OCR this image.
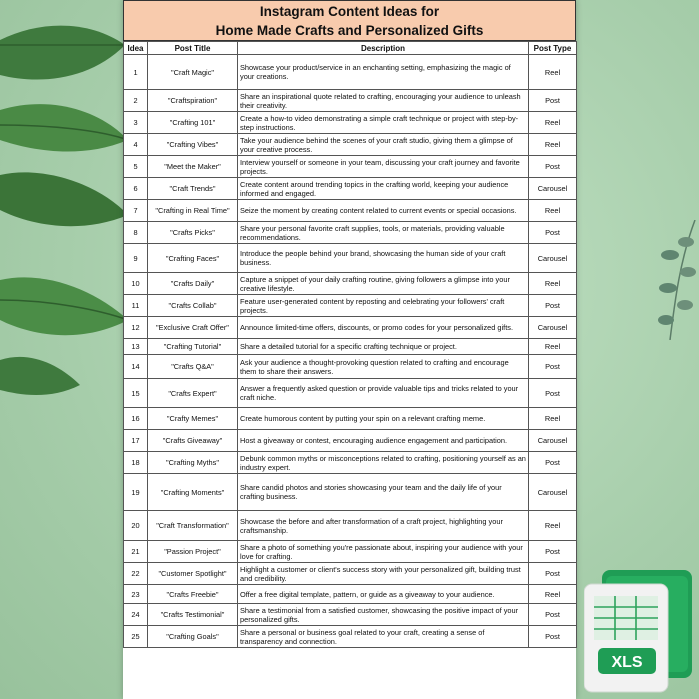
Instagram Content Ideas for
Home Made Crafts and Personalized Gifts
Idea	Post Title	Description	Post Type
1	"Craft Magic"	Showcase your product/service in an enchanting setting, emphasizing the magic of your creations.	Reel
2	"Craftspiration"	Share an inspirational quote related to crafting, encouraging your audience to unleash their creativity.	Post
3	"Crafting 101"	Create a how-to video demonstrating a simple craft technique or project with step-by-step instructions.	Reel
4	"Crafting Vibes"	Take your audience behind the scenes of your craft studio, giving them a glimpse of your creative process.	Reel
5	"Meet the Maker"	Interview yourself or someone in your team, discussing your craft journey and favorite projects.	Post
6	"Craft Trends"	Create content around trending topics in the crafting world, keeping your audience informed and engaged.	Carousel
7	"Crafting in Real Time"	Seize the moment by creating content related to current events or special occasions.	Reel
8	"Crafts Picks"	Share your personal favorite craft supplies, tools, or materials, providing valuable recommendations.	Post
9	"Crafting Faces"	Introduce the people behind your brand, showcasing the human side of your craft business.	Carousel
10	"Crafts Daily"	Capture a snippet of your daily crafting routine, giving followers a glimpse into your creative lifestyle.	Reel
11	"Crafts Collab"	Feature user-generated content by reposting and celebrating your followers' craft projects.	Post
12	"Exclusive Craft Offer"	Announce limited-time offers, discounts, or promo codes for your personalized gifts.	Carousel
13	"Crafting Tutorial"	Share a detailed tutorial for a specific crafting technique or project.	Reel
14	"Crafts Q&A"	Ask your audience a thought-provoking question related to crafting and encourage them to share their answers.	Post
15	"Crafts Expert"	Answer a frequently asked question or provide valuable tips and tricks related to your craft niche.	Post
16	"Crafty Memes"	Create humorous content by putting your spin on a relevant crafting meme.	Reel
17	"Crafts Giveaway"	Host a giveaway or contest, encouraging audience engagement and participation.	Carousel
18	"Crafting Myths"	Debunk common myths or misconceptions related to crafting, positioning yourself as an industry expert.	Post
19	"Crafting Moments"	Share candid photos and stories showcasing your team and the daily life of your crafting business.	Carousel
20	"Craft Transformation"	Showcase the before and after transformation of a craft project, highlighting your craftsmanship.	Reel
21	"Passion Project"	Share a photo of something you're passionate about, inspiring your audience with your love for crafting.	Post
22	"Customer Spotlight"	Highlight a customer or client's success story with your personalized gift, building trust and credibility.	Post
23	"Crafts Freebie"	Offer a free digital template, pattern, or guide as a giveaway to your audience.	Reel
24	"Crafts Testimonial"	Share a testimonial from a satisfied customer, showcasing the positive impact of your personalized gifts.	Post
25	"Crafting Goals"	Share a personal or business goal related to your craft, creating a sense of transparency and connection.	Post
XLS
